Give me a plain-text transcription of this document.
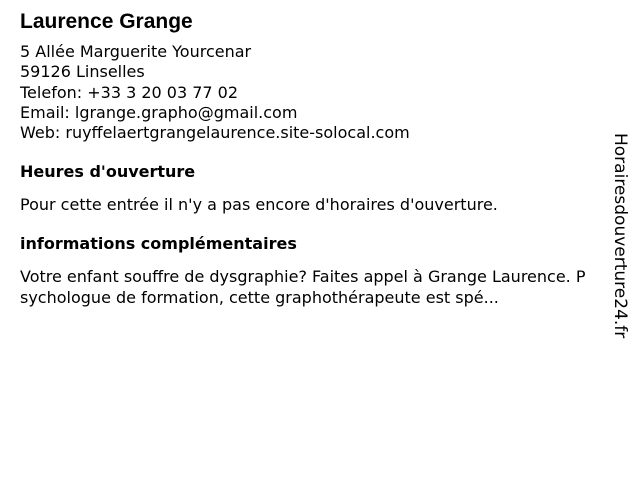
Laurence Grange
5 Allée Marguerite Yourcenar
59126 Linselles
Telefon: +33 3 20 03 77 02
Email: lgrange.grapho@gmail.com
Web: ruyffelaertgrangelaurence.site-solocal.com
Heures d'ouverture
Pour cette entrée il n'y a pas encore d'horaires d'ouverture.
informations complémentaires
Votre enfant souffre de dysgraphie? Faites appel à Grange Laurence. Psychologue de formation, cette graphothérapeute est spé...	Horairesdouverture24.fr
